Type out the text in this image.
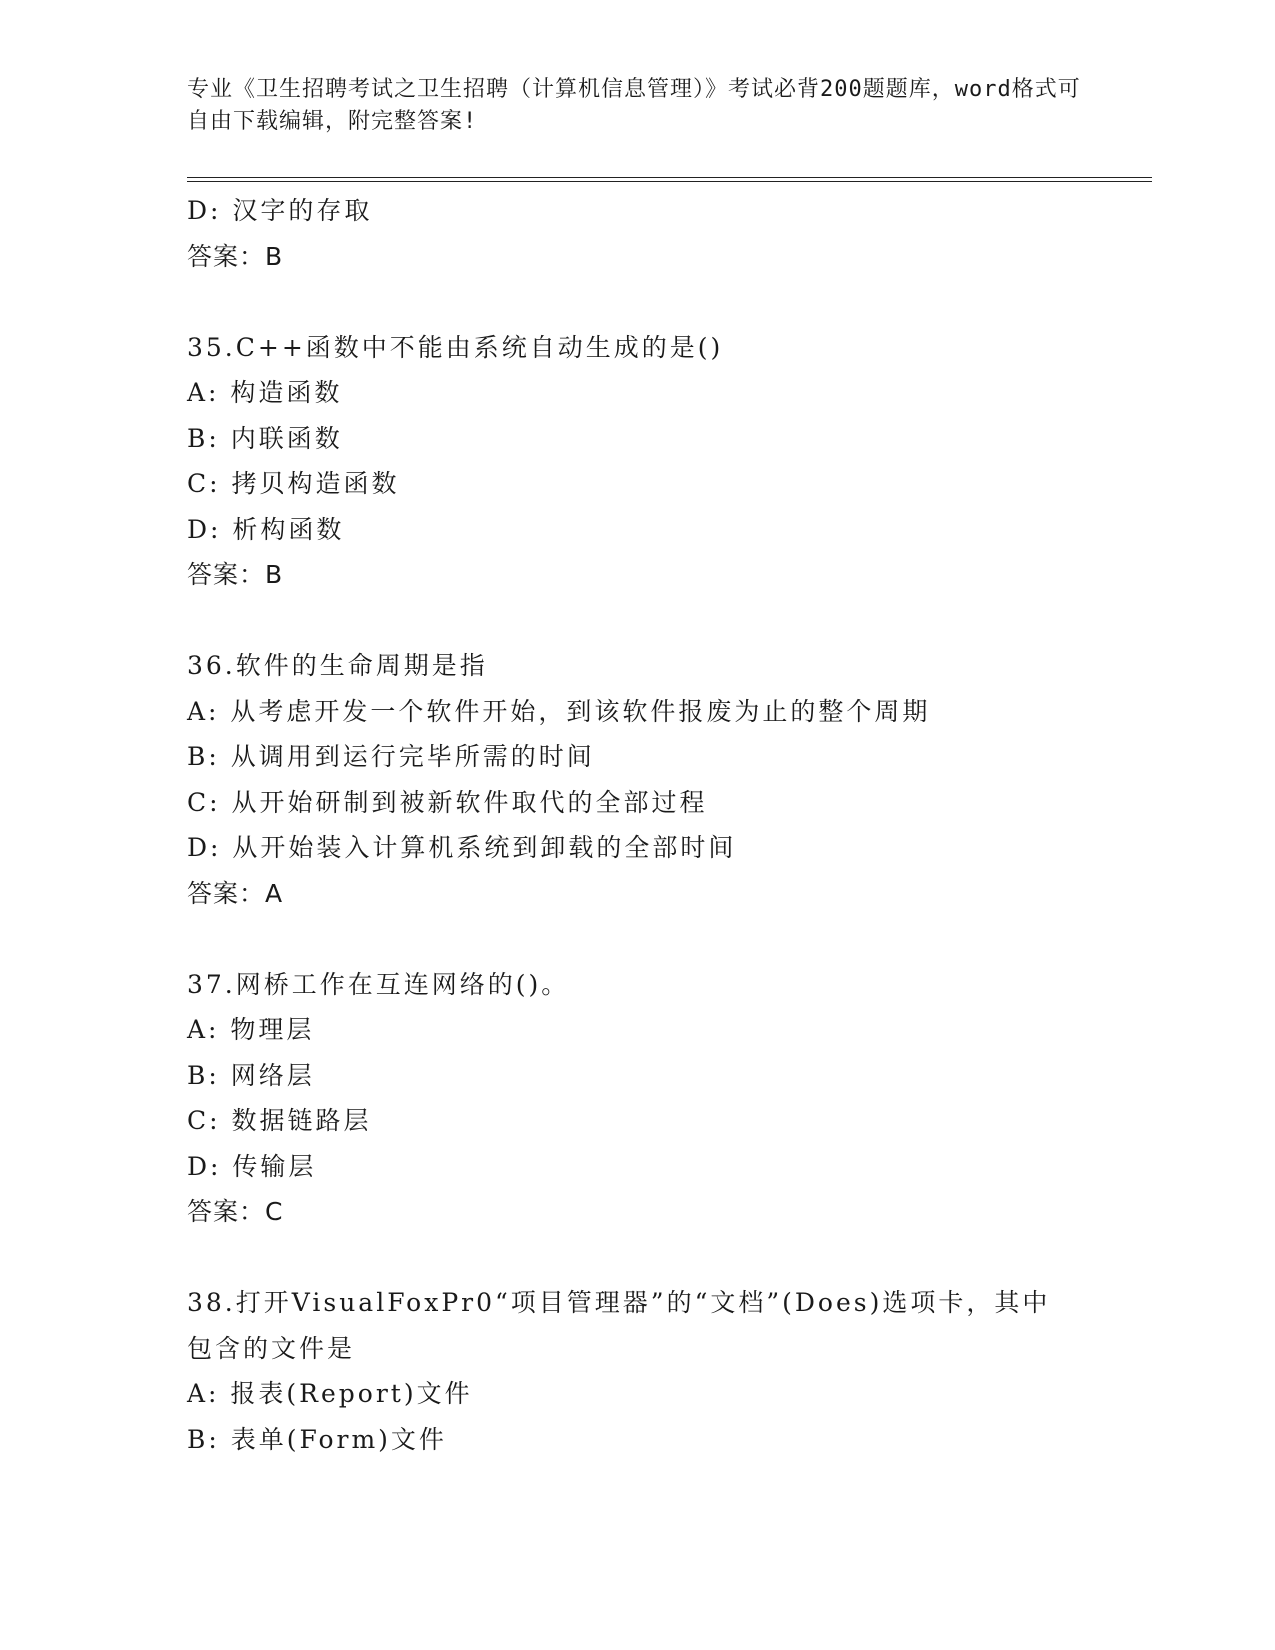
专业《卫生招聘考试之卫生招聘（计算机信息管理）》考试必背200题题库，word格式可自由下载编辑，附完整答案!
D: 汉字的存取
答案：B
35.C++函数中不能由系统自动生成的是()
A: 构造函数
B: 内联函数
C: 拷贝构造函数
D: 析构函数
答案：B
36.软件的生命周期是指
A: 从考虑开发一个软件开始，到该软件报废为止的整个周期
B: 从调用到运行完毕所需的时间
C: 从开始研制到被新软件取代的全部过程
D: 从开始装入计算机系统到卸载的全部时间
答案：A
37.网桥工作在互连网络的()。
A: 物理层
B: 网络层
C: 数据链路层
D: 传输层
答案：C
38.打开VisualFoxPr0“项目管理器”的“文档”(Does)选项卡，其中包含的文件是
A: 报表(Report)文件
B: 表单(Form)文件
